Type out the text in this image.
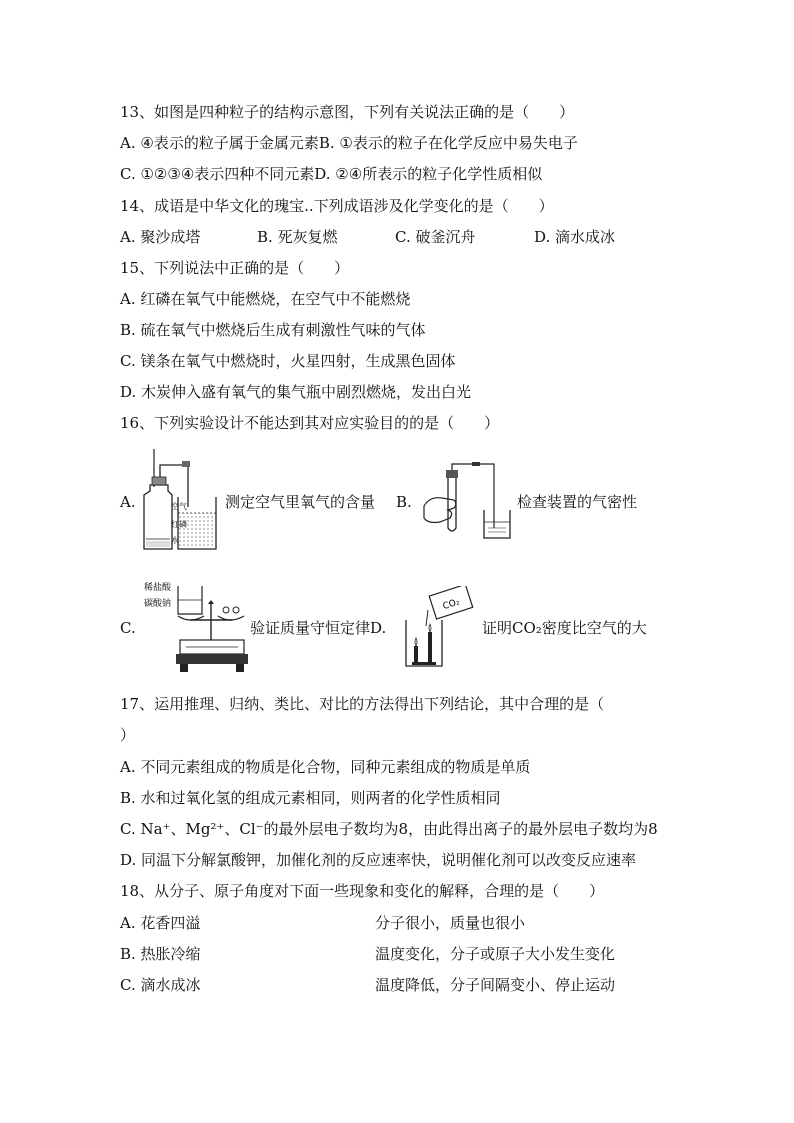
13、如图是四种粒子的结构示意图，下列有关说法正确的是（　　）
A. ④表示的粒子属于金属元素B. ①表示的粒子在化学反应中易失电子
C. ①②③④表示四种不同元素D. ②④所表示的粒子化学性质相似
14、成语是中华文化的瑰宝..下列成语涉及化学变化的是（　　）
A. 聚沙成塔	B. 死灰复燃	C. 破釜沉舟	D. 滴水成冰
15、下列说法中正确的是（　　）
A. 红磷在氧气中能燃烧，在空气中不能燃烧
B. 硫在氧气中燃烧后生成有刺激性气味的气体
C. 镁条在氧气中燃烧时，火星四射，生成黑色固体
D. 木炭伸入盛有氧气的集气瓶中剧烈燃烧，发出白光
16、下列实验设计不能达到其对应实验目的的是（　　）
A.	空气
红磷
水
测定空气里氧气的含量 B.	检查装置的气密性
C.
稀盐酸
碳酸钠
验证质量守恒定律D.
CO₂
证明CO₂密度比空气的大
17、运用推理、归纳、类比、对比的方法得出下列结论，其中合理的是（
）
A. 不同元素组成的物质是化合物，同种元素组成的物质是单质
B. 水和过氧化氢的组成元素相同，则两者的化学性质相同
C. Na⁺、Mg²⁺、Cl⁻的最外层电子数均为8，由此得出离子的最外层电子数均为8
D. 同温下分解氯酸钾，加催化剂的反应速率快，说明催化剂可以改变反应速率
18、从分子、原子角度对下面一些现象和变化的解释，合理的是（　　）
A. 花香四溢	分子很小，质量也很小
B. 热胀冷缩	温度变化，分子或原子大小发生变化
C. 滴水成冰	温度降低，分子间隔变小、停止运动
